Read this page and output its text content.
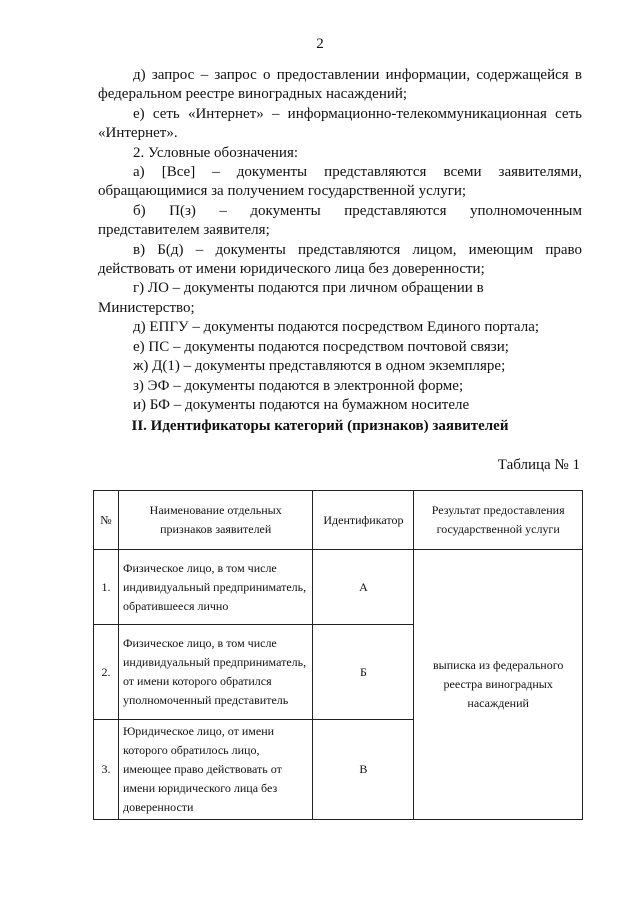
2

д) запрос – запрос о предоставлении информации, содержащейся в федеральном реестре виноградных насаждений;

е) сеть «Интернет» – информационно-телекоммуникационная сеть «Интернет».

2. Условные обозначения:

а) [Все] – документы представляются всеми заявителями, обращающимися за получением государственной услуги;

б) П(з) – документы представляются уполномоченным представителем заявителя;

в) Б(д) – документы представляются лицом, имеющим право действовать от имени юридического лица без доверенности;

г) ЛО – документы подаются при личном обращении в Министерство;

д) ЕПГУ – документы подаются посредством Единого портала;

е) ПС – документы подаются посредством почтовой связи;

ж) Д(1) – документы представляются в одном экземпляре;

з) ЭФ – документы подаются в электронной форме;

и) БФ – документы подаются на бумажном носителе

II. Идентификаторы категорий (признаков) заявителей
Таблица № 1
№	Наименование отдельных признаков заявителей	Идентификатор	Результат предоставления государственной услуги
1.	Физическое лицо, в том числе индивидуальный предприниматель, обратившееся лично	А	выписка из федерального реестра виноградных насаждений
2.	Физическое лицо, в том числе индивидуальный предприниматель, от имени которого обратился уполномоченный представитель	Б	
3.	Юридическое лицо, от имени которого обратилось лицо, имеющее право действовать от имени юридического лица без доверенности	В	
